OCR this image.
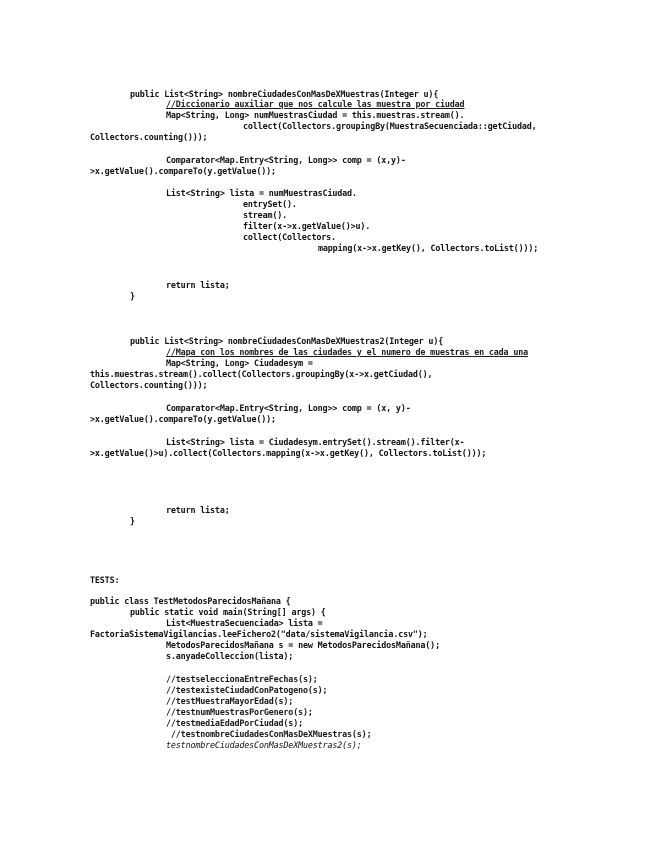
public List<String> nombreCiudadesConMasDeXMuestras(Integer u){
//Diccionario auxiliar que nos calcule las muestra por ciudad
Map<String, Long> numMuestrasCiudad = this.muestras.stream().
collect(Collectors.groupingBy(MuestraSecuenciada::getCiudad,
Collectors.counting()));
Comparator<Map.Entry<String, Long>> comp = (x,y)-
>x.getValue().compareTo(y.getValue());
List<String> lista = numMuestrasCiudad.
entrySet().
stream().
filter(x->x.getValue()>u).
collect(Collectors.
mapping(x->x.getKey(), Collectors.toList()));
return lista;
}
public List<String> nombreCiudadesConMasDeXMuestras2(Integer u){
//Mapa con los nombres de las ciudades y el numero de muestras en cada una
Map<String, Long> Ciudadesym =
this.muestras.stream().collect(Collectors.groupingBy(x->x.getCiudad(),
Collectors.counting()));
Comparator<Map.Entry<String, Long>> comp = (x, y)-
>x.getValue().compareTo(y.getValue());
List<String> lista = Ciudadesym.entrySet().stream().filter(x-
>x.getValue()>u).collect(Collectors.mapping(x->x.getKey(), Collectors.toList()));
return lista;
}
TESTS:
public class TestMetodosParecidosMañana {
public static void main(String[] args) {
List<MuestraSecuenciada> lista =
FactoriaSistemaVigilancias.leeFichero2("data/sistemaVigilancia.csv");
MetodosParecidosMañana s = new MetodosParecidosMañana();
s.anyadeColleccion(lista);
//testseleccionaEntreFechas(s);
//testexisteCiudadConPatogeno(s);
//testMuestraMayorEdad(s);
//testnumMuestrasPorGenero(s);
//testmediaEdadPorCiudad(s);
//testnombreCiudadesConMasDeXMuestras(s);
testnombreCiudadesConMasDeXMuestras2(s);
